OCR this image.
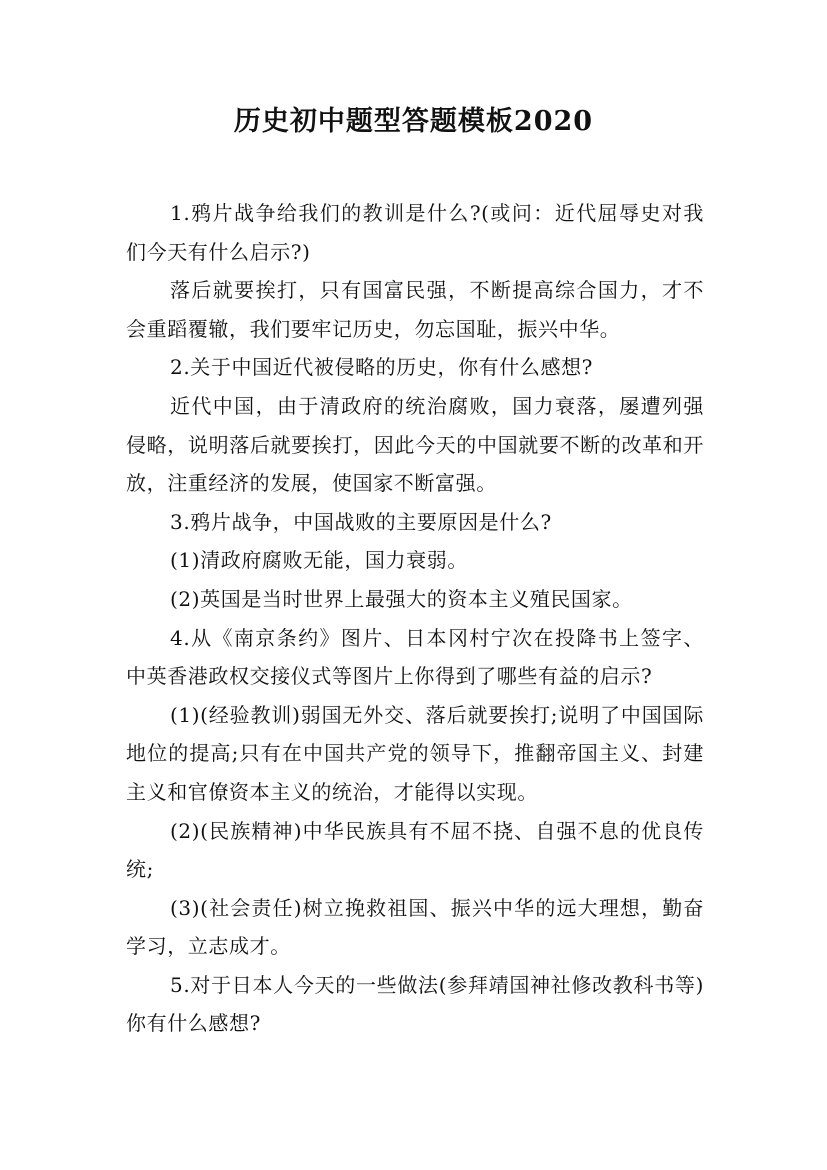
历史初中题型答题模板2020

1.鸦片战争给我们的教训是什么?(或问：近代屈辱史对我们今天有什么启示?)

落后就要挨打，只有国富民强，不断提高综合国力，才不会重蹈覆辙，我们要牢记历史，勿忘国耻，振兴中华。

2.关于中国近代被侵略的历史，你有什么感想?

近代中国，由于清政府的统治腐败，国力衰落，屡遭列强侵略，说明落后就要挨打，因此今天的中国就要不断的改革和开放，注重经济的发展，使国家不断富强。

3.鸦片战争，中国战败的主要原因是什么?

(1)清政府腐败无能，国力衰弱。

(2)英国是当时世界上最强大的资本主义殖民国家。

4.从《南京条约》图片、日本冈村宁次在投降书上签字、中英香港政权交接仪式等图片上你得到了哪些有益的启示?

(1)(经验教训)弱国无外交、落后就要挨打;说明了中国国际地位的提高;只有在中国共产党的领导下，推翻帝国主义、封建主义和官僚资本主义的统治，才能得以实现。

(2)(民族精神)中华民族具有不屈不挠、自强不息的优良传统;

(3)(社会责任)树立挽救祖国、振兴中华的远大理想，勤奋学习，立志成才。

5.对于日本人今天的一些做法(参拜靖国神社修改教科书等)你有什么感想?
